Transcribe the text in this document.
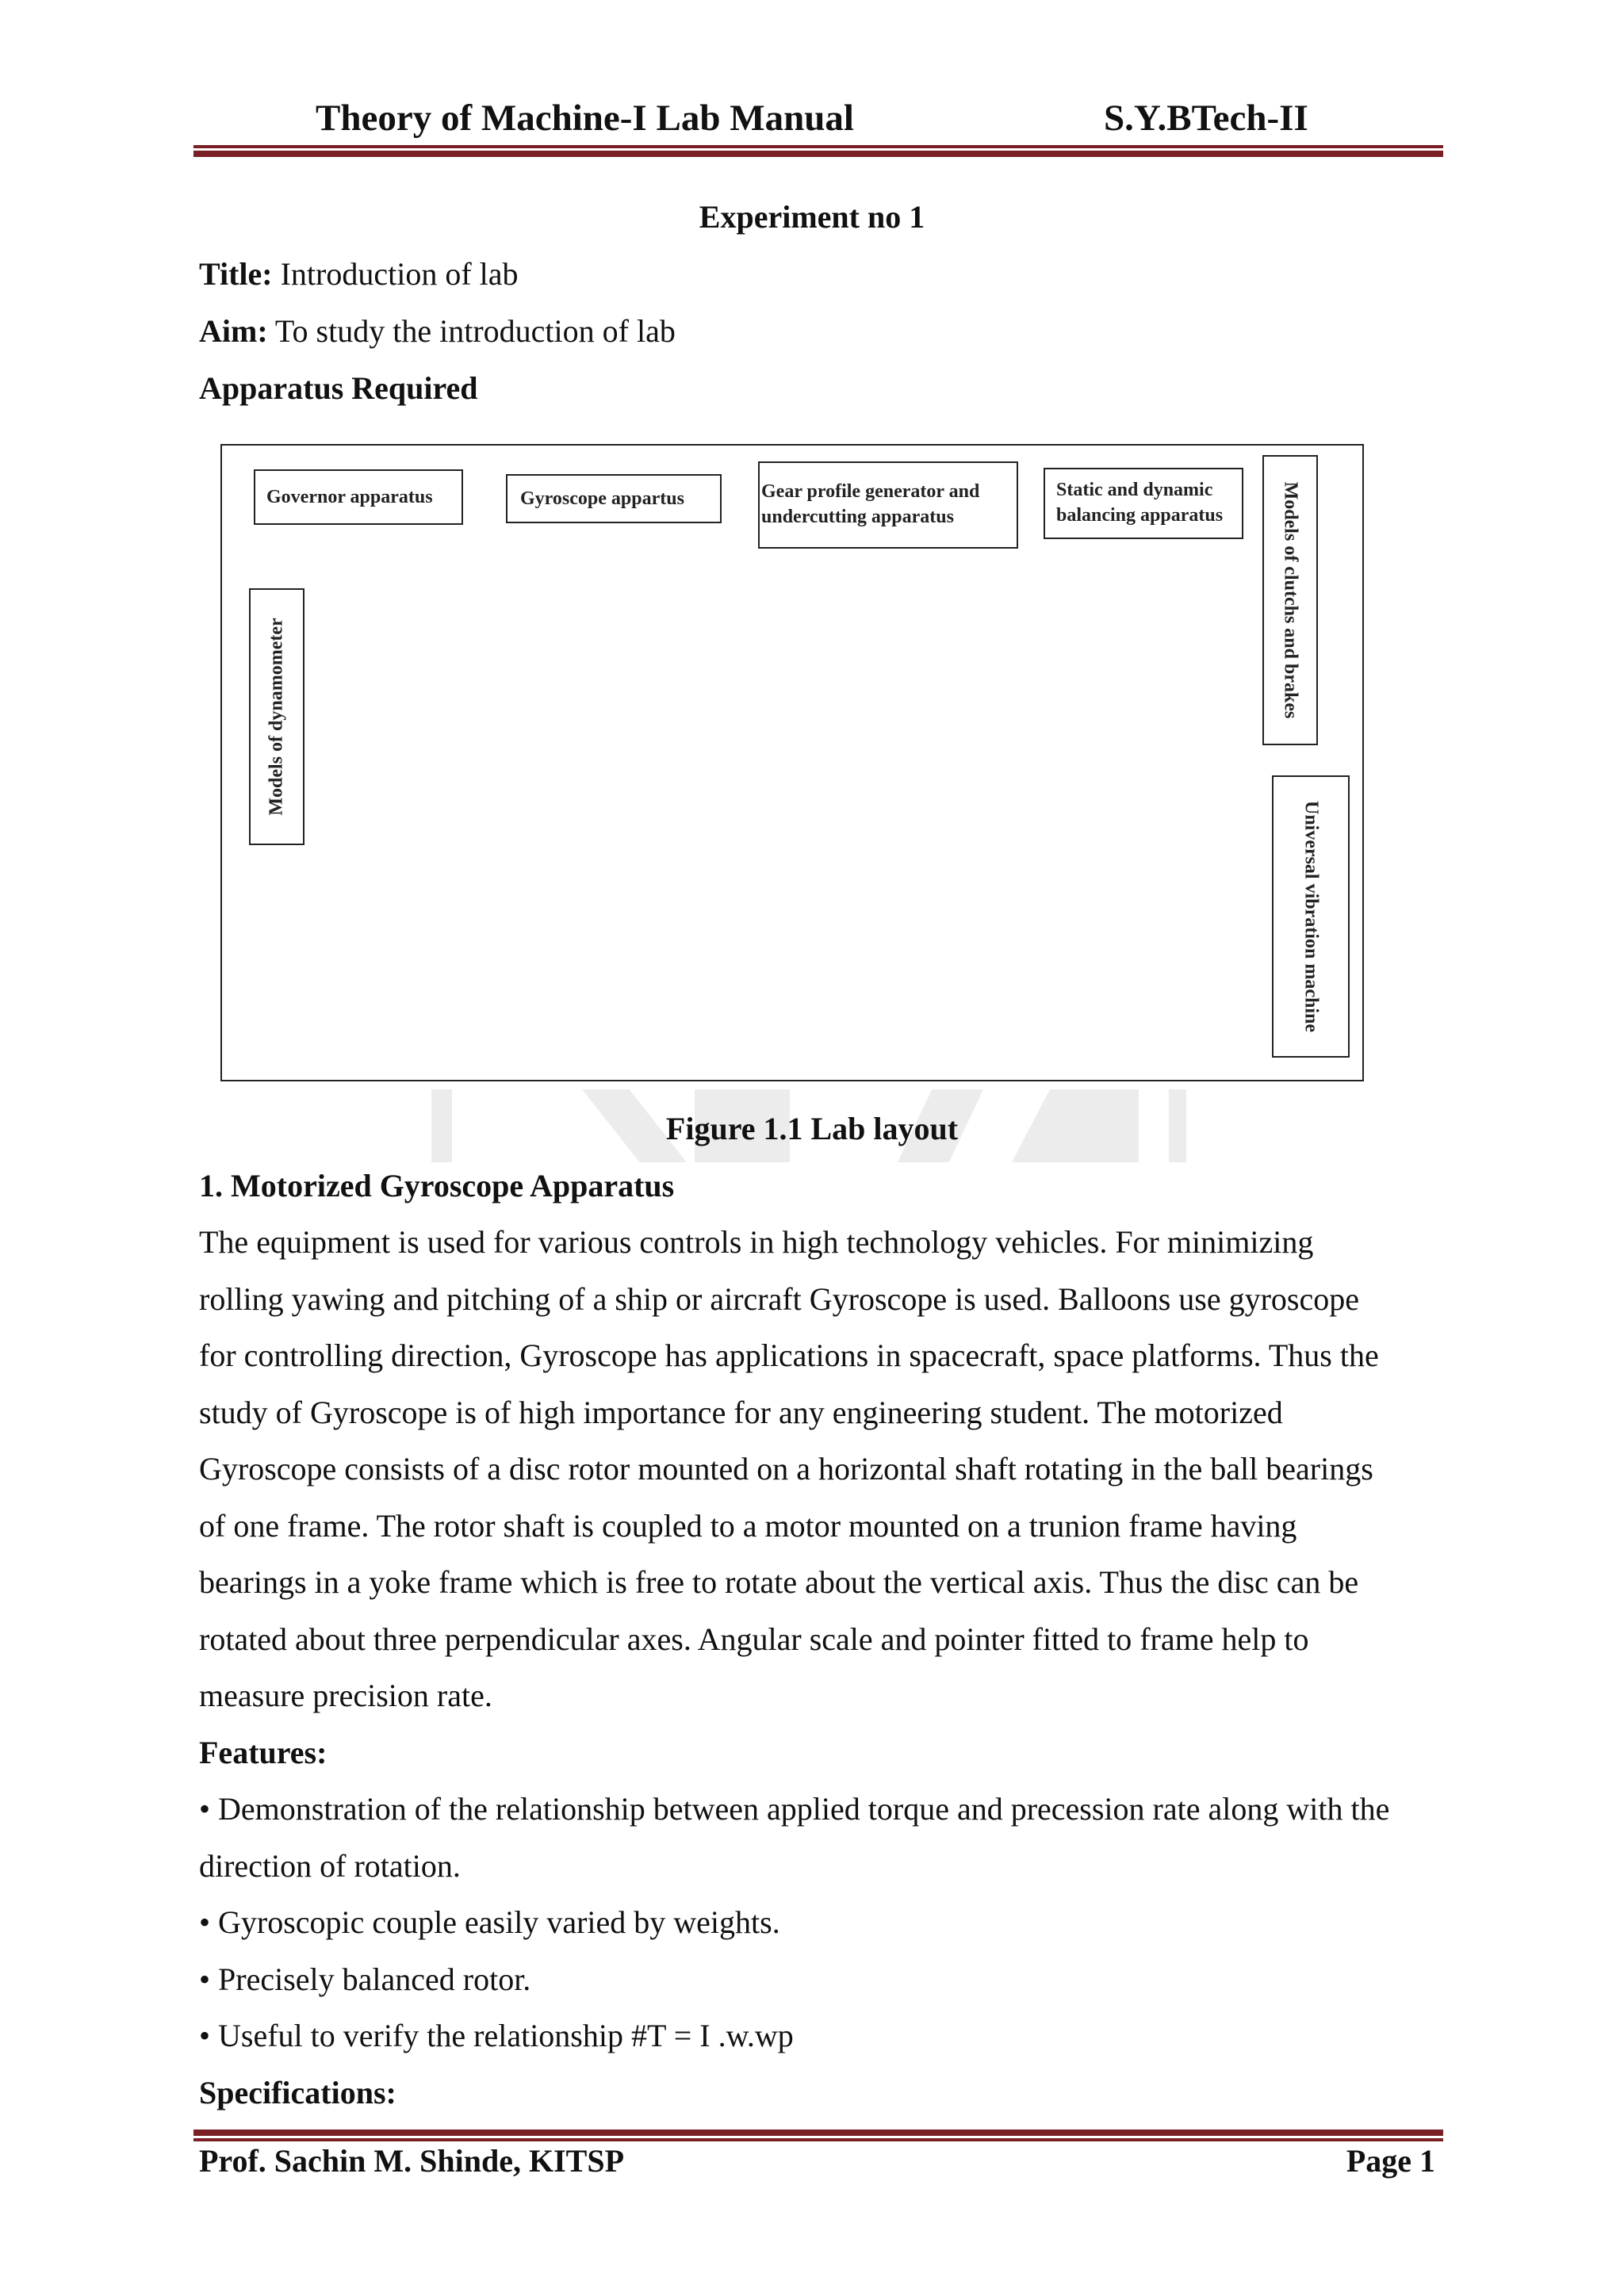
Theory of Machine-I Lab Manual	S.Y.BTech-II
Experiment no 1
Title: Introduction of lab
Aim: To study the introduction of lab
Apparatus Required
Governor apparatus	Gyroscope appartus	Gear profile generator and
undercutting apparatus
Static and dynamic
balancing apparatus	Models of clutchs and brakes
Models of dynamometer
Universal vibration machine
Figure 1.1 Lab layout
1. Motorized Gyroscope Apparatus
The equipment is used for various controls in high technology vehicles. For minimizing
rolling yawing and pitching of a ship or aircraft Gyroscope is used. Balloons use gyroscope
for controlling direction, Gyroscope has applications in spacecraft, space platforms. Thus the
study of Gyroscope is of high importance for any engineering student. The motorized
Gyroscope consists of a disc rotor mounted on a horizontal shaft rotating in the ball bearings
of one frame. The rotor shaft is coupled to a motor mounted on a trunion frame having
bearings in a yoke frame which is free to rotate about the vertical axis. Thus the disc can be
rotated about three perpendicular axes. Angular scale and pointer fitted to frame help to
measure precision rate.
Features:
• Demonstration of the relationship between applied torque and precession rate along with the
direction of rotation.
• Gyroscopic couple easily varied by weights.
• Precisely balanced rotor.
• Useful to verify the relationship #T = I .w.wp
Specifications:
Prof. Sachin M. Shinde, KITSP	Page 1
